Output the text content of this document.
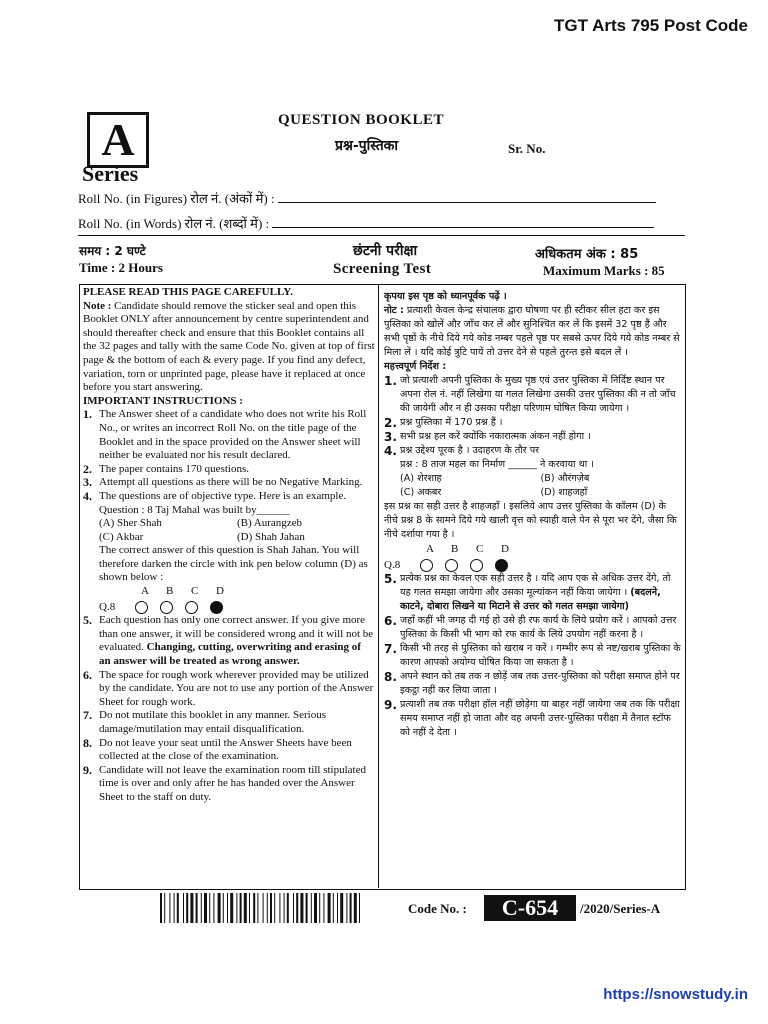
TGT Arts 795 Post Code
A
Series
QUESTION BOOKLET
प्रश्न-पुस्तिका	Sr. No.
Roll No. (in Figures) रोल नं. (अंकों में) :
Roll No. (in Words) रोल नं. (शब्दों में) :
समय : 2 घण्टे
Time : 2 Hours
छंटनी परीक्षा
Screening Test
अधिकतम अंक : 85
Maximum Marks : 85

PLEASE READ THIS PAGE CAREFULLY.

Note : Candidate should remove the sticker seal and open this Booklet ONLY after announcement by centre superintendent and should thereafter check and ensure that this Booklet contains all the 32 pages and tally with the same Code No. given at top of first page & the bottom of each & every page. If you find any defect, variation, torn or unprinted page, please have it replaced at once before you start answering.

IMPORTANT INSTRUCTIONS :

1. The Answer sheet of a candidate who does not write his Roll No., or writes an incorrect Roll No. on the title page of the Booklet and in the space provided on the Answer sheet will neither be evaluated nor his result declared.
2. The paper contains 170 questions.
3. Attempt all questions as there will be no Negative Marking.
4. The questions are of objective type. Here is an example. Question : 8 Taj Mahal was built by______
(A) Sher Shah	(B) Aurangzeb
(C) Akbar	(D) Shah Jahan
The correct answer of this question is Shah Jahan. You will therefore darken the circle with ink pen below column (D) as shown below :
A B C D
Q.8
5. Each question has only one correct answer. If you give more than one answer, it will be considered wrong and it will not be evaluated. Changing, cutting, overwriting and erasing of an answer will be treated as wrong answer.
6. The space for rough work wherever provided may be utilized by the candidate. You are not to use any portion of the Answer Sheet for rough work.
7. Do not mutilate this booklet in any manner. Serious damage/mutilation may entail disqualification.
8. Do not leave your seat until the Answer Sheets have been collected at the close of the examination.
9. Candidate will not leave the examination room till stipulated time is over and only after he has handed over the Answer Sheet to the staff on duty.

कृपया इस पृष्ठ को ध्यानपूर्वक पढ़ें ।

नोट : प्रत्याशी केवल केन्द्र संचालक द्वारा घोषणा पर ही स्टीकर सील हटा कर इस पुस्तिका को खोलें और जाँच कर लें और सुनिश्चित कर लें कि इसमें 32 पृष्ठ हैं और सभी पृष्ठों के नीचे दिये गये कोड नम्बर पहले पृष्ठ पर सबसे ऊपर दिये गये कोड नम्बर से मिला लें । यदि कोई त्रुटि पायें तो उत्तर देने से पहले तुरन्त इसे बदल लें ।

महत्त्वपूर्ण निर्देश :

1. जो प्रत्याशी अपनी पुस्तिका के मुख्य पृष्ठ एवं उत्तर पुस्तिका में निर्दिष्ट स्थान पर अपना रोल नं. नहीं लिखेगा या गलत लिखेगा उसकी उत्तर पुस्तिका की न तो जाँच की जायेगी और न ही उसका परीक्षा परिणाम घोषित किया जायेगा ।
2. प्रश्न पुस्तिका में 170 प्रश्न हैं ।
3. सभी प्रश्न हल करें क्योंकि नकारात्मक अंकन नहीं होगा ।
4. प्रश्न उद्देश्य पूरक है । उदाहरण के तौर पर
प्रश्न : 8 ताज महल का निर्माण ______ ने करवाया था ।
(A) शेरशाह	(B) औरंगज़ेब
(C) अकबर	(D) शाहजहाँ

इस प्रश्न का सही उत्तर है शाहजहाँ । इसलिये आप उत्तर पुस्तिका के कॉलम (D) के नीचे प्रश्न 8 के सामने दिये गये खाली वृत्त को स्याही वाले पेन से पूरा भर देंगे, जैसा कि नीचे दर्शाया गया है ।

A B C D
Q.8
5. प्रत्येक प्रश्न का केवल एक सही उत्तर है । यदि आप एक से अधिक उत्तर देंगे, तो यह गलत समझा जायेगा और उसका मूल्यांकन नहीं किया जायेगा । (बदलने, काटने, दोबारा लिखने या मिटाने से उत्तर को गलत समझा जायेगा)
6. जहाँ कहीं भी जगह दी गई हो उसे ही रफ कार्य के लिये प्रयोग करें । आपको उत्तर पुस्तिका के किसी भी भाग को रफ कार्य के लिये उपयोग नहीं करना है ।
7. किसी भी तरह से पुस्तिका को खराब न करें । गम्भीर रूप से नष्ट/खराब पुस्तिका के कारण आपको अयोग्य घोषित किया जा सकता है ।
8. अपने स्थान को तब तक न छोड़ें जब तक उत्तर-पुस्तिका को परीक्षा समाप्त होने पर इकट्ठा नहीं कर लिया जाता ।
9. प्रत्याशी तब तक परीक्षा हॉल नहीं छोड़ेगा या बाहर नहीं जायेगा जब तक कि परीक्षा समय समाप्त नहीं हो जाता और वह अपनी उत्तर-पुस्तिका परीक्षा में तैनात स्टॉफ को नहीं दे देता ।
Code No. :	C-654	/2020/Series-A
https://snowstudy.in
